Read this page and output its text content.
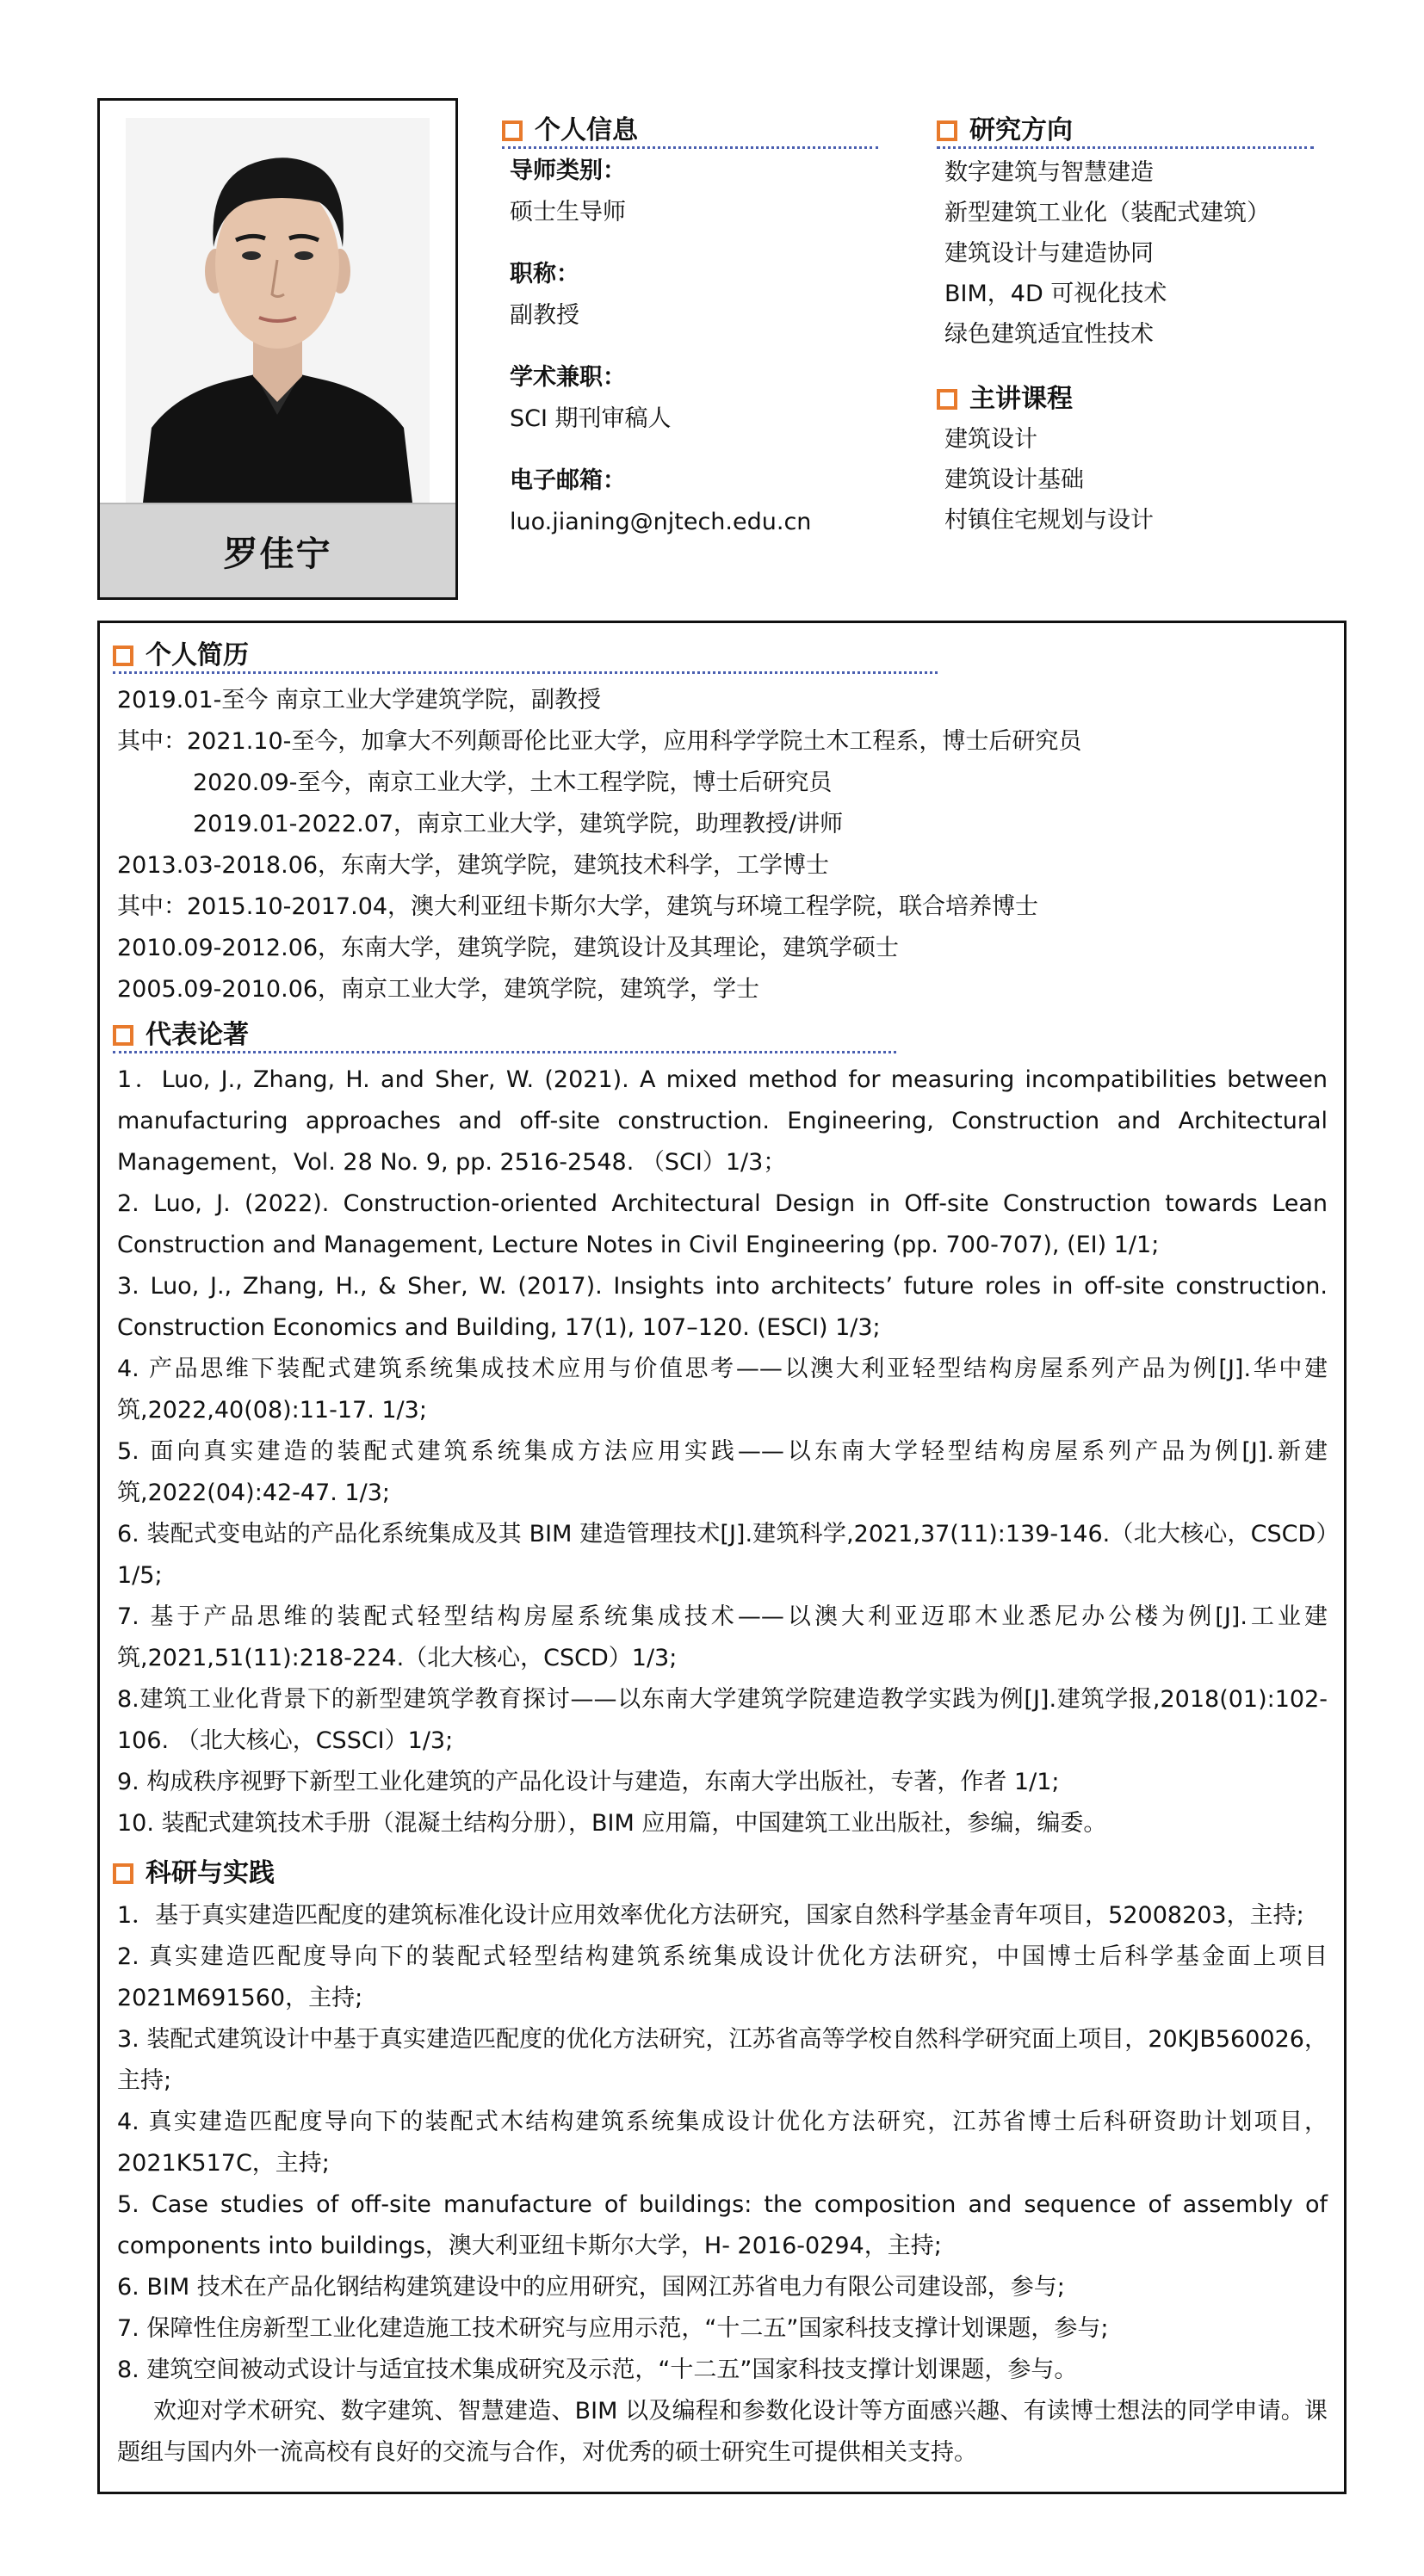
罗佳宁
个人信息
导师类别：
硕士生导师
职称：
副教授
学术兼职：
SCI 期刊审稿人
电子邮箱：
luo.jianing@njtech.edu.cn
研究方向
数字建筑与智慧建造
新型建筑工业化（装配式建筑）
建筑设计与建造协同
BIM，4D 可视化技术
绿色建筑适宜性技术
主讲课程
建筑设计
建筑设计基础
村镇住宅规划与设计
个人简历
2019.01-至今 南京工业大学建筑学院，副教授
其中：2021.10-至今，加拿大不列颠哥伦比亚大学，应用科学学院土木工程系，博士后研究员
2020.09-至今，南京工业大学，土木工程学院，博士后研究员
2019.01-2022.07，南京工业大学，建筑学院，助理教授/讲师
2013.03-2018.06，东南大学，建筑学院，建筑技术科学，工学博士
其中：2015.10-2017.04，澳大利亚纽卡斯尔大学，建筑与环境工程学院，联合培养博士
2010.09-2012.06，东南大学，建筑学院，建筑设计及其理论，建筑学硕士
2005.09-2010.06，南京工业大学，建筑学院，建筑学，学士
代表论著
1．Luo, J., Zhang, H. and Sher, W. (2021). A mixed method for measuring incompatibilities between manufacturing approaches and off-site construction. Engineering, Construction and Architectural Management，Vol. 28 No. 9, pp. 2516-2548. （SCI）1/3；
2. Luo, J. (2022). Construction-oriented Architectural Design in Off-site Construction towards Lean Construction and Management, Lecture Notes in Civil Engineering (pp. 700-707), (EI) 1/1;
3. Luo, J., Zhang, H., & Sher, W. (2017). Insights into architects’ future roles in off-site construction. Construction Economics and Building, 17(1), 107–120. (ESCI) 1/3;
4. 产品思维下装配式建筑系统集成技术应用与价值思考——以澳大利亚轻型结构房屋系列产品为例[J].华中建筑,2022,40(08):11-17. 1/3;
5. 面向真实建造的装配式建筑系统集成方法应用实践——以东南大学轻型结构房屋系列产品为例[J].新建筑,2022(04):42-47. 1/3;
6. 装配式变电站的产品化系统集成及其 BIM 建造管理技术[J].建筑科学,2021,37(11):139-146.（北大核心，CSCD）1/5;
7. 基于产品思维的装配式轻型结构房屋系统集成技术——以澳大利亚迈耶木业悉尼办公楼为例[J].工业建筑,2021,51(11):218-224.（北大核心，CSCD）1/3;
8.建筑工业化背景下的新型建筑学教育探讨——以东南大学建筑学院建造教学实践为例[J].建筑学报,2018(01):102-106. （北大核心，CSSCI）1/3;
9. 构成秩序视野下新型工业化建筑的产品化设计与建造，东南大学出版社，专著，作者 1/1;
10. 装配式建筑技术手册（混凝土结构分册），BIM 应用篇，中国建筑工业出版社，参编，编委。
科研与实践
1．基于真实建造匹配度的建筑标准化设计应用效率优化方法研究，国家自然科学基金青年项目，52008203，主持;
2. 真实建造匹配度导向下的装配式轻型结构建筑系统集成设计优化方法研究，中国博士后科学基金面上项目 2021M691560，主持;
3. 装配式建筑设计中基于真实建造匹配度的优化方法研究，江苏省高等学校自然科学研究面上项目，20KJB560026，主持;
4. 真实建造匹配度导向下的装配式木结构建筑系统集成设计优化方法研究，江苏省博士后科研资助计划项目，2021K517C，主持;
5. Case studies of off-site manufacture of buildings: the composition and sequence of assembly of components into buildings，澳大利亚纽卡斯尔大学，H- 2016-0294，主持;
6. BIM 技术在产品化钢结构建筑建设中的应用研究，国网江苏省电力有限公司建设部，参与;
7. 保障性住房新型工业化建造施工技术研究与应用示范，“十二五”国家科技支撑计划课题，参与;
8. 建筑空间被动式设计与适宜技术集成研究及示范，“十二五”国家科技支撑计划课题，参与。
欢迎对学术研究、数字建筑、智慧建造、BIM 以及编程和参数化设计等方面感兴趣、有读博士想法的同学申请。课题组与国内外一流高校有良好的交流与合作，对优秀的硕士研究生可提供相关支持。
